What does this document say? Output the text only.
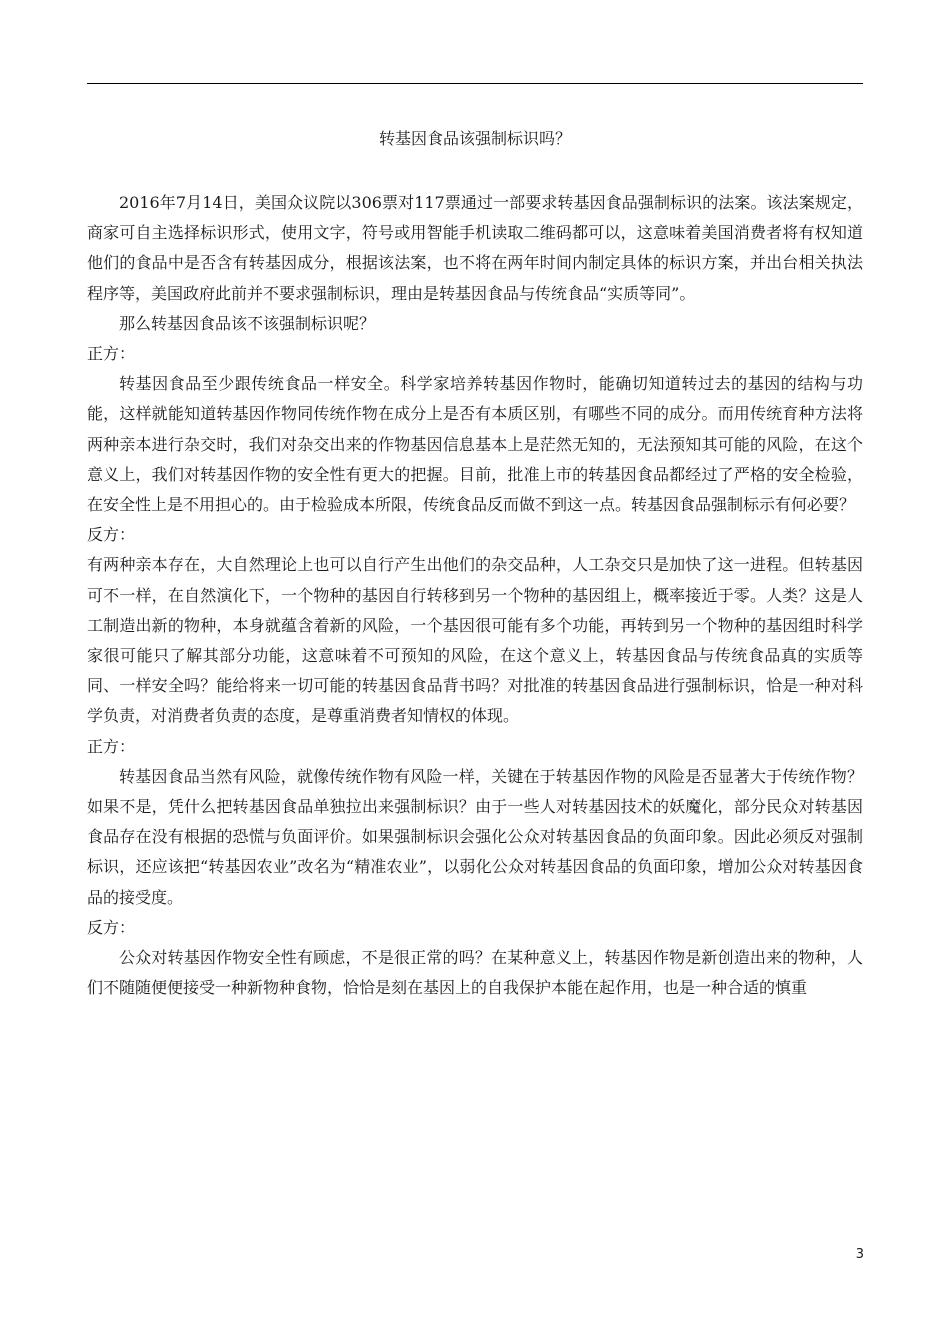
转基因食品该强制标识吗？

2016年7月14日，美国众议院以306票对117票通过一部要求转基因食品强制标识的法案。该法案规定，商家可自主选择标识形式，使用文字，符号或用智能手机读取二维码都可以，这意味着美国消费者将有权知道他们的食品中是否含有转基因成分，根据该法案，也不将在两年时间内制定具体的标识方案，并出台相关执法程序等，美国政府此前并不要求强制标识，理由是转基因食品与传统食品“实质等同”。

那么转基因食品该不该强制标识呢？

正方：

转基因食品至少跟传统食品一样安全。科学家培养转基因作物时，能确切知道转过去的基因的结构与功能，这样就能知道转基因作物同传统作物在成分上是否有本质区别，有哪些不同的成分。而用传统育种方法将两种亲本进行杂交时，我们对杂交出来的作物基因信息基本上是茫然无知的，无法预知其可能的风险，在这个意义上，我们对转基因作物的安全性有更大的把握。目前，批准上市的转基因食品都经过了严格的安全检验，在安全性上是不用担心的。由于检验成本所限，传统食品反而做不到这一点。转基因食品强制标示有何必要？

反方：

有两种亲本存在，大自然理论上也可以自行产生出他们的杂交品种，人工杂交只是加快了这一进程。但转基因可不一样，在自然演化下，一个物种的基因自行转移到另一个物种的基因组上，概率接近于零。人类？这是人工制造出新的物种，本身就蕴含着新的风险，一个基因很可能有多个功能，再转到另一个物种的基因组时科学家很可能只了解其部分功能，这意味着不可预知的风险，在这个意义上，转基因食品与传统食品真的实质等同、一样安全吗？能给将来一切可能的转基因食品背书吗？对批准的转基因食品进行强制标识，恰是一种对科学负责，对消费者负责的态度，是尊重消费者知情权的体现。

正方：

转基因食品当然有风险，就像传统作物有风险一样，关键在于转基因作物的风险是否显著大于传统作物？如果不是，凭什么把转基因食品单独拉出来强制标识？由于一些人对转基因技术的妖魔化，部分民众对转基因食品存在没有根据的恐慌与负面评价。如果强制标识会强化公众对转基因食品的负面印象。因此必须反对强制标识，还应该把“转基因农业”改名为“精准农业”，以弱化公众对转基因食品的负面印象，增加公众对转基因食品的接受度。

反方：

公众对转基因作物安全性有顾虑，不是很正常的吗？在某种意义上，转基因作物是新创造出来的物种，人们不随随便便接受一种新物种食物，恰恰是刻在基因上的自我保护本能在起作用，也是一种合适的慎重

3
